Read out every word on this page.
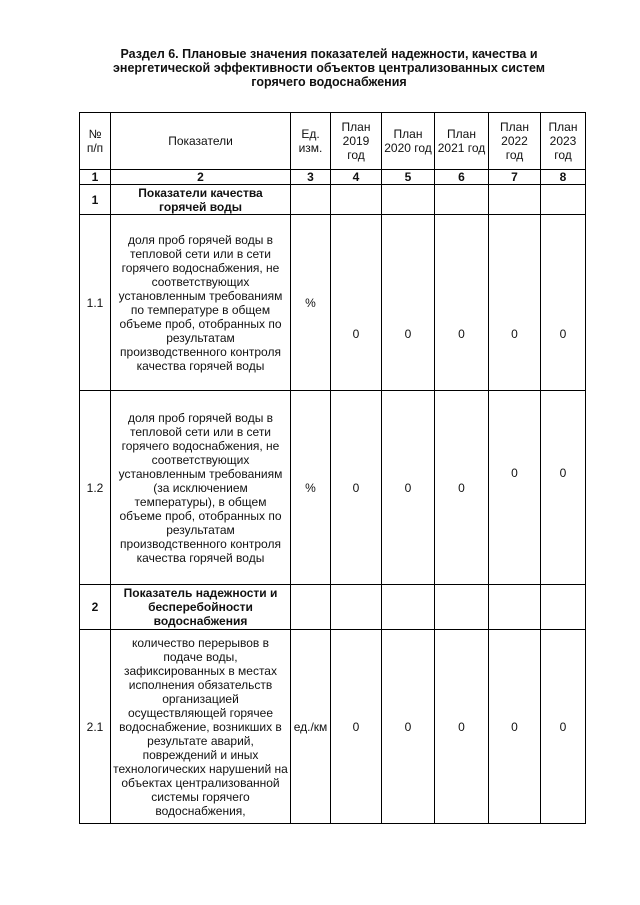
Раздел 6. Плановые значения показателей надежности, качества и
энергетической эффективности объектов централизованных систем
горячего водоснабжения
№ п/п	Показатели	Ед. изм.	План 2019 год	План 2020 год	План 2021 год	План 2022 год	План 2023 год
1	2	3	4	5	6	7	8
1	Показатели качества горячей воды						
1.1	доля проб горячей воды в тепловой сети или в сети горячего водоснабжения, не соответствующих установленным требованиям по температуре в общем объеме проб, отобранных по результатам производственного контроля качества горячей воды	%	0	0	0	0	0
1.2	доля проб горячей воды в тепловой сети или в сети горячего водоснабжения, не соответствующих установленным требованиям (за исключением температуры), в общем объеме проб, отобранных по результатам производственного контроля качества горячей воды	%	0	0	0	0	0
2	Показатель надежности и бесперебойности водоснабжения						
2.1	количество перерывов в подаче воды, зафиксированных в местах исполнения обязательств организацией осуществляющей горячее водоснабжение, возникших в результате аварий, повреждений и иных технологических нарушений на объектах централизованной системы горячего водоснабжения,	ед./км	0	0	0	0	0
